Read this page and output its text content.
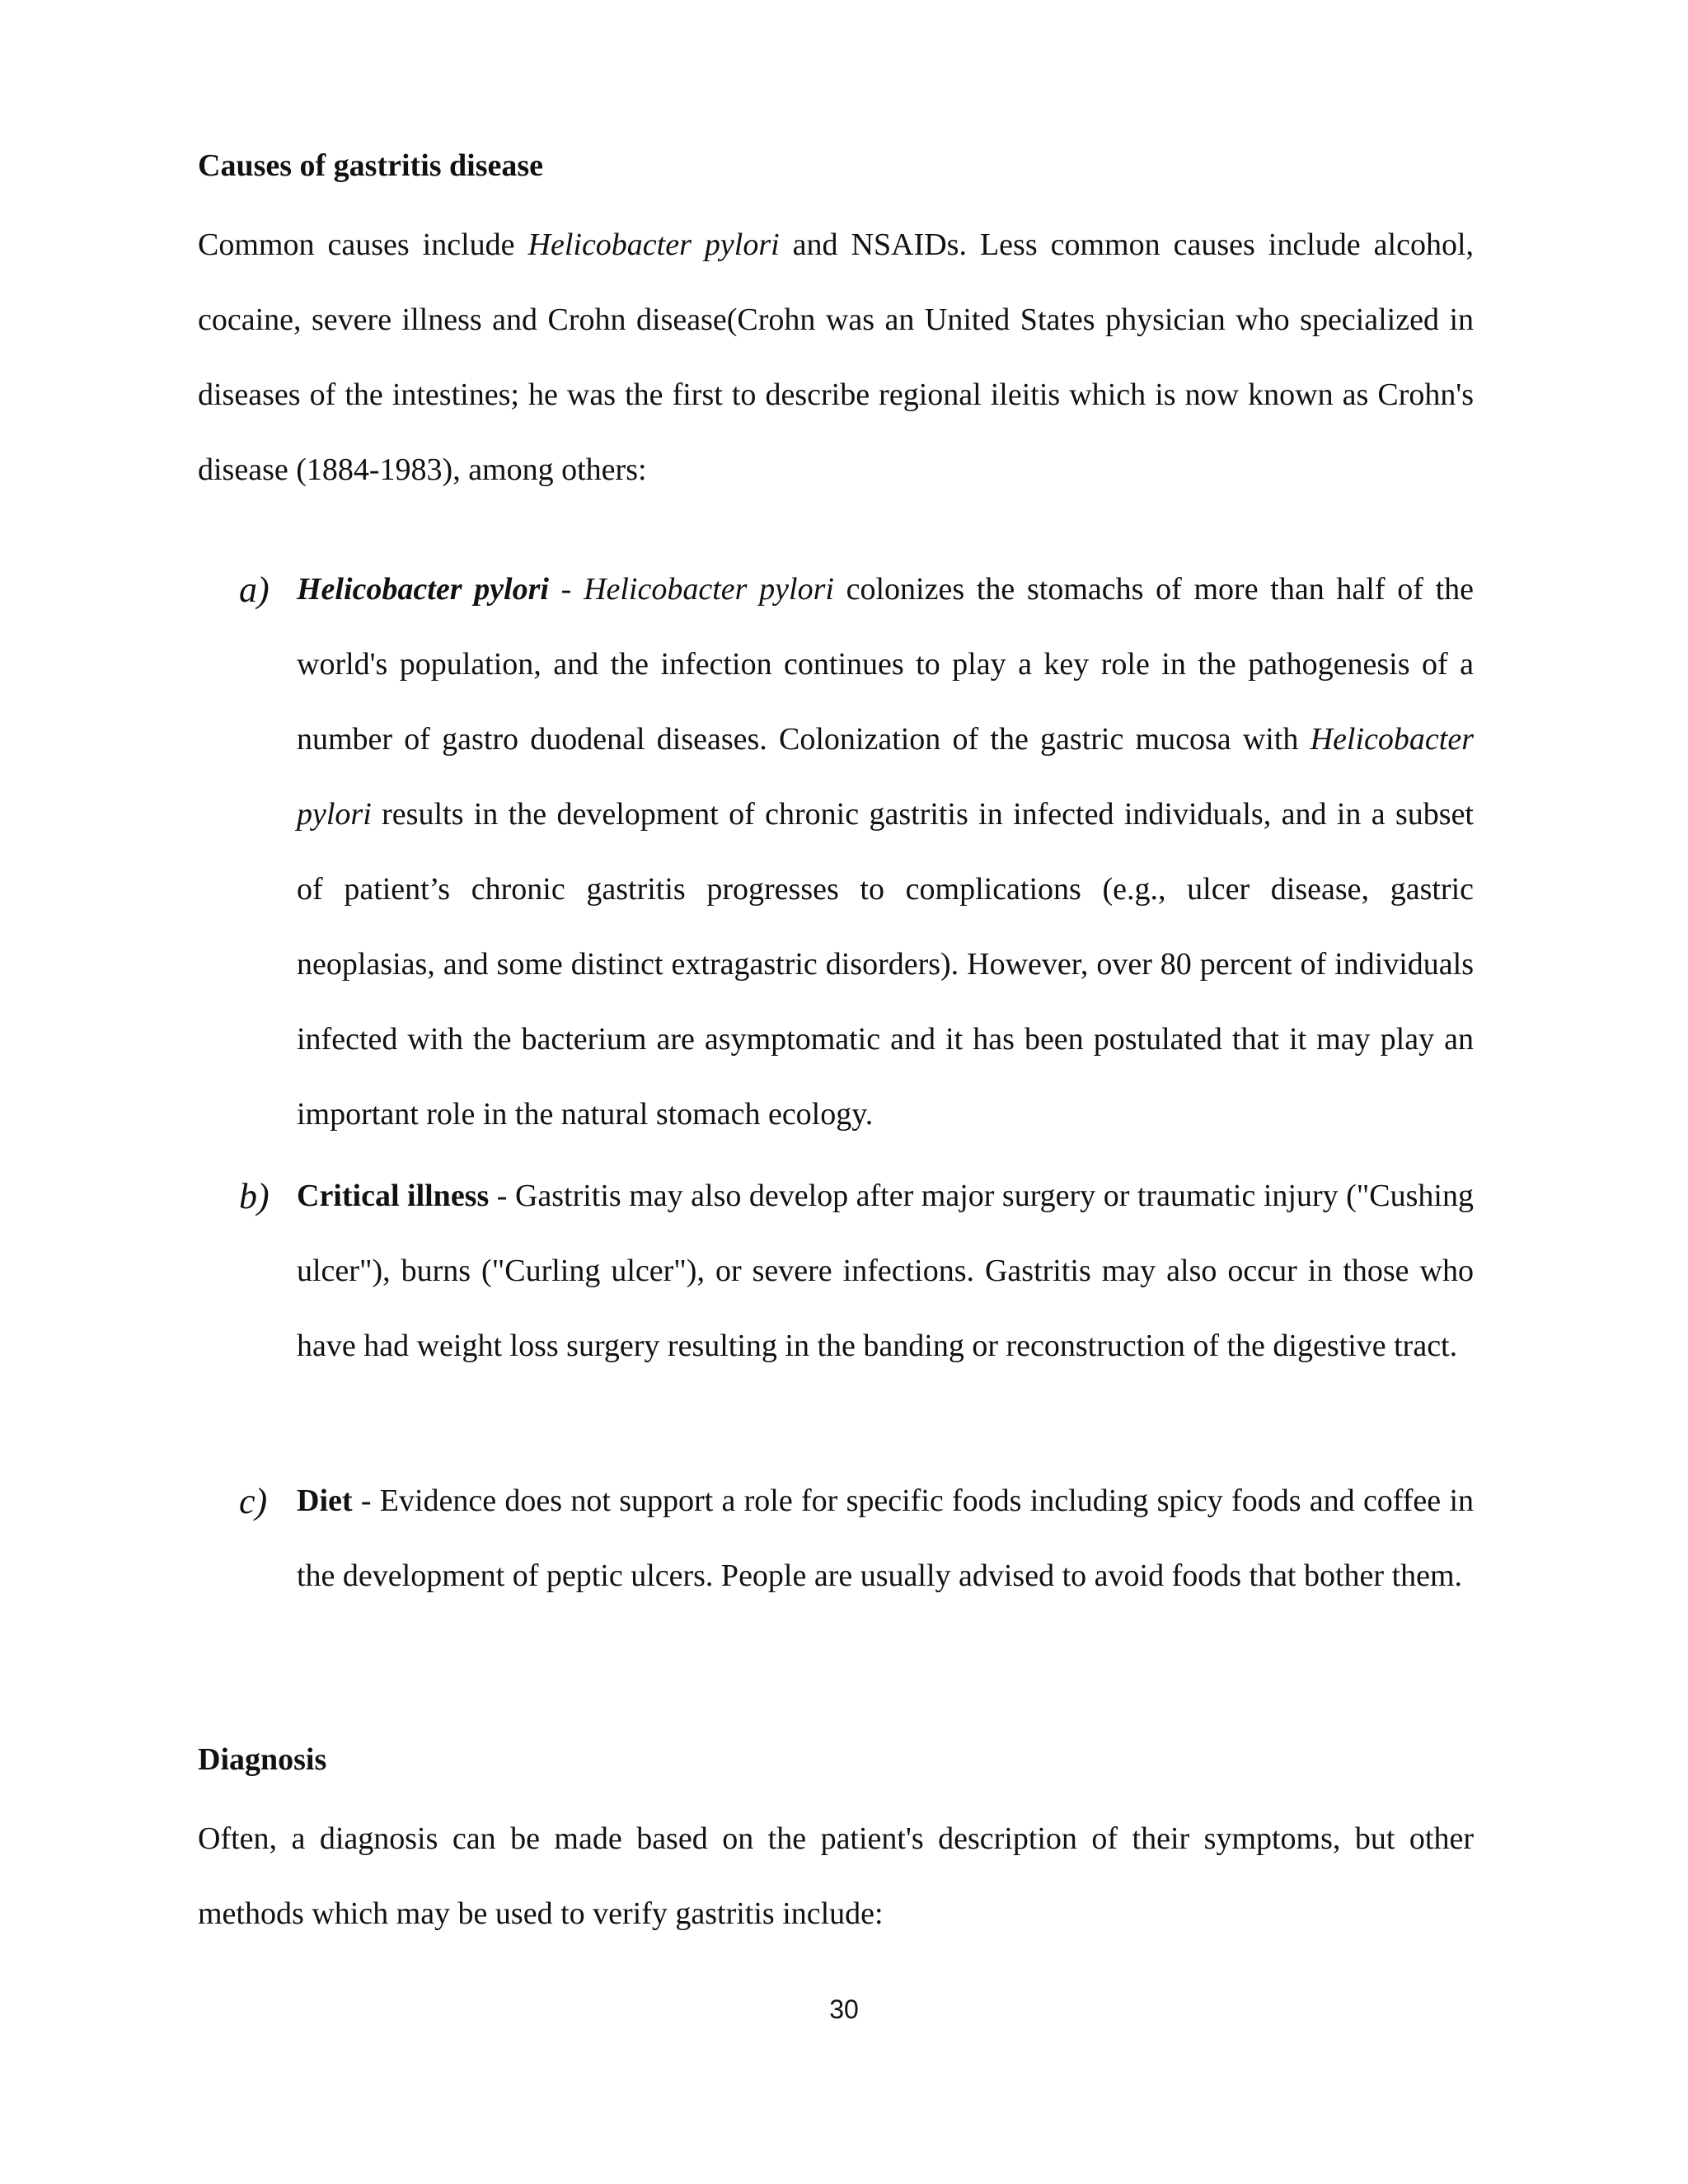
Causes of gastritis disease

Common causes include Helicobacter pylori and NSAIDs. Less common causes include alcohol, cocaine, severe illness and Crohn disease(Crohn was an United States physician who specialized in diseases of the intestines; he was the first to describe regional ileitis which is now known as Crohn's disease (1884-1983), among others:

a) Helicobacter pylori - Helicobacter pylori colonizes the stomachs of more than half of the world's population, and the infection continues to play a key role in the pathogenesis of a number of gastro duodenal diseases. Colonization of the gastric mucosa with Helicobacter pylori results in the development of chronic gastritis in infected individuals, and in a subset of patient’s chronic gastritis progresses to complications (e.g., ulcer disease, gastric neoplasias, and some distinct extragastric disorders). However, over 80 percent of individuals infected with the bacterium are asymptomatic and it has been postulated that it may play an important role in the natural stomach ecology.

b) Critical illness - Gastritis may also develop after major surgery or traumatic injury ("Cushing ulcer"), burns ("Curling ulcer"), or severe infections. Gastritis may also occur in those who have had weight loss surgery resulting in the banding or reconstruction of the digestive tract.

c) Diet - Evidence does not support a role for specific foods including spicy foods and coffee in the development of peptic ulcers. People are usually advised to avoid foods that bother them.

Diagnosis

Often, a diagnosis can be made based on the patient's description of their symptoms, but other methods which may be used to verify gastritis include:

30
